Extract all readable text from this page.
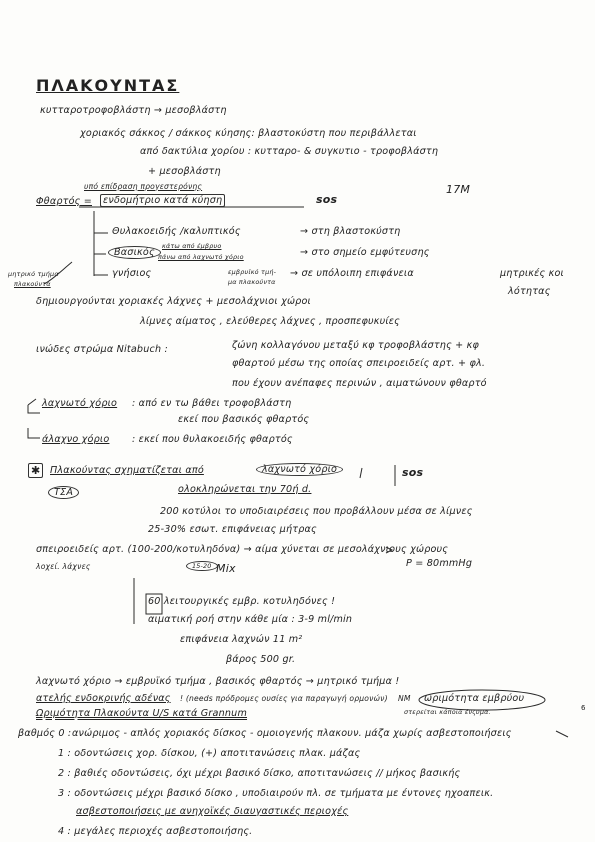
ΠΛΑΚΟΥΝΤΑΣ
κυτταροτροφοβλάστη → μεσοβλάστη
χοριακός σάκκος / σάκκος κύησης: βλαστοκύστη που περιβάλλεται
από δακτύλια χορίου : κυτταρο- & συγκυτιο - τροφοβλάστη
+ μεσοβλάστη
υπό επίδραση προγεστερόνης
Φθαρτός =	ενδομήτριο κατά κύηση	sos
17Μ
Θυλακοειδής /καλυπτικός	→ στη βλαστοκύστη
Βασικός
κάτω από έμβρυο
πάνω από λαχνωτό χόριο	→ στο σημείο εμφύτευσης
μητρικό τμήμα
πλακούντα
γνήσιος	εμβρυϊκό τμή-
μα πλακούντα
→ σε υπόλοιπη επιφάνεια	μητρικές κοι
λότητας
δημιουργούνται χοριακές λάχνες + μεσολάχνιοι χώροι
λίμνες αίματος , ελεύθερες λάχνες , προσπεφυκυίες
ινώδες στρώμα Nitabuch :	ζώνη κολλαγόνου μεταξύ κφ τροφοβλάστης + κφ
φθαρτού μέσω της οποίας σπειροειδείς αρτ. + φλ.
που έχουν ανέπαφες περινών , αιματώνουν φθαρτό
λαχνωτό χόριο : από εν τω βάθει τροφοβλάστη
εκεί που βασικός φθαρτός
άλαχνο χόριο : εκεί που θυλακοειδής φθαρτός
✱ Πλακούντας σχηματίζεται από	λαχνωτό χόριο	sos
ΤΣΑ	ολοκληρώνεται την 70ή d.
200 κοτύλοι το υποδιαιρέσεις που προβάλλουν μέσα σε λίμνες
25-30% εσωτ. επιφάνειας μήτρας
σπειροειδείς αρτ. (100-200/κοτυληδόνα) → αίμα χύνεται σε μεσολάχνιους χώρους
P = 80mmHg
λοχεί. λάχνες	15-20 Mix
60 λειτουργικές εμβρ. κοτυληδόνες !
αιματική ροή στην κάθε μία : 3-9 ml/min
επιφάνεια λαχνών 11 m²
βάρος 500 gr.
λαχνωτό χόριο → εμβρυϊκό τμήμα , βασικός φθαρτός → μητρικό τμήμα !
ατελής ενδοκρινής αδένας ! (needs πρόδρομες ουσίες για παραγωγή ορμονών)
στερείται κάποια ένζυμα.
Ωριμότητα Πλακούντα U/S κατά Grannum
NM ωριμότητα εμβρύου
βαθμός 0 : ανώριμος - απλός χοριακός δίσκος - ομοιογενής πλακουν. μάζα χωρίς ασβεστοποιήσεις
1 : οδοντώσεις χορ. δίσκου, (+) αποτιτανώσεις πλακ. μάζας
2 : βαθιές οδοντώσεις, όχι μέχρι βασικό δίσκο, αποτιτανώσεις // μήκος βασικής
3 : οδοντώσεις μέχρι βασικό δίσκο , υποδιαιρούν πλ. σε τμήματα με έντονες ηχοαπεικ.
ασβεστοποιήσεις με ανηχοϊκές διαυγαστικές περιοχές
4 : μεγάλες περιοχές ασβεστοποιήσης.
6
